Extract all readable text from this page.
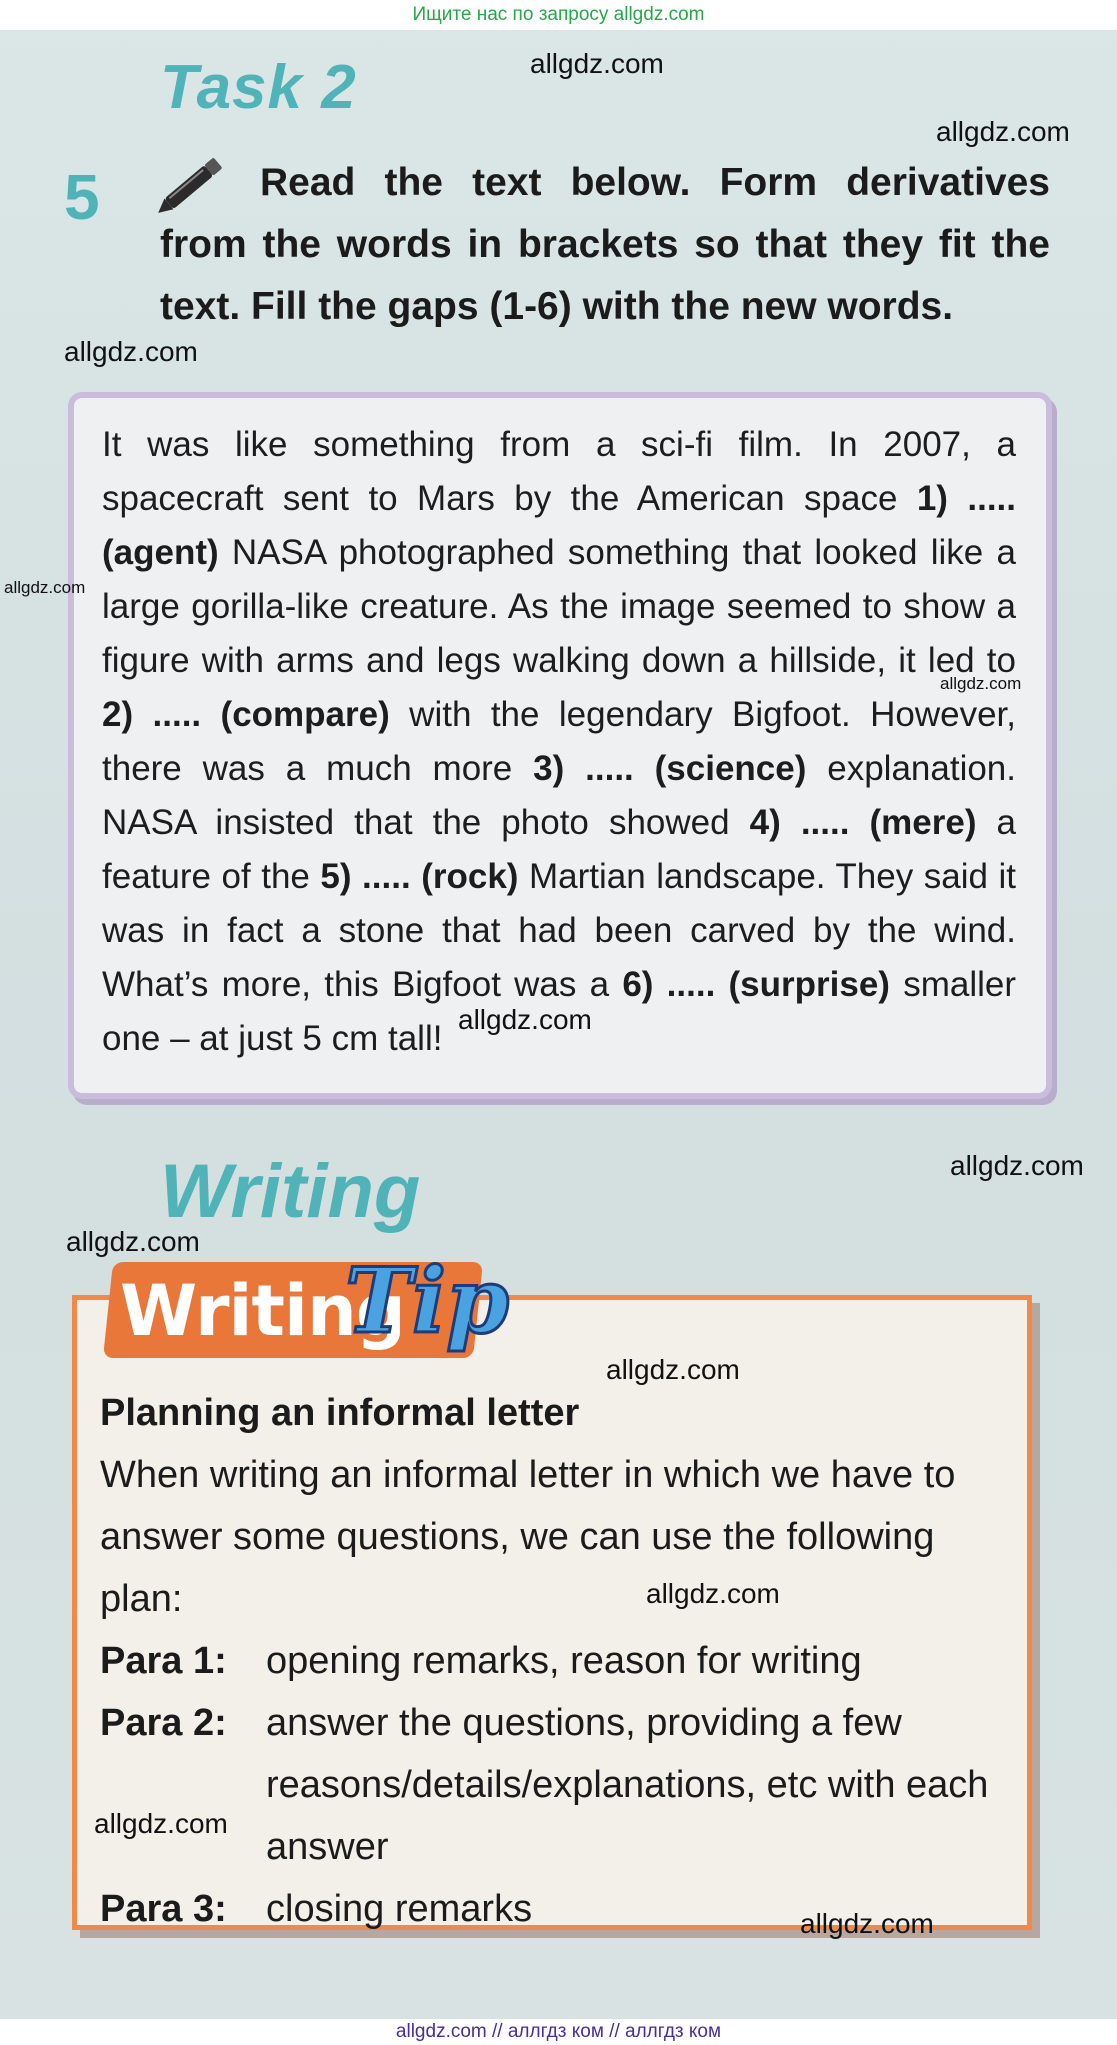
Ищите нас по запросу allgdz.com
Task 2	allgdz.com
allgdz.com
5	Read the text below. Form derivatives from the words in brackets so that they fit the text. Fill the gaps (1-6) with the new words.
allgdz.com
It was like something from a sci-fi film. In 2007, a spacecraft sent to Mars by the American space 1) ..... (agent) NASA photographed something that looked like a large gorilla-like creature. As the image seemed to show a figure with arms and legs walking down a hillside, it led to 2) ..... (compare) with the legendary Bigfoot. However, there was a much more 3) ..... (science) explanation. NASA insisted that the photo showed 4) ..... (mere) a feature of the 5) ..... (rock) Martian landscape. They said it was in fact a stone that had been carved by the wind. What’s more, this Bigfoot was a 6) ..... (surprise) smaller one – at just 5 cm tall!
allgdz.com
allgdz.com
allgdz.com
Writing	allgdz.com
allgdz.com
Writing
Tip
allgdz.com
Planning an informal letter
When writing an informal letter in which we have to answer some questions, we can use the following plan:
Para 1:	opening remarks, reason for writing
Para 2:	answer the questions, providing a few reasons/details/explanations, etc with each answer
Para 3:	closing remarks
allgdz.com
allgdz.com
allgdz.com
allgdz.com // аллгдз ком // аллгдз ком
